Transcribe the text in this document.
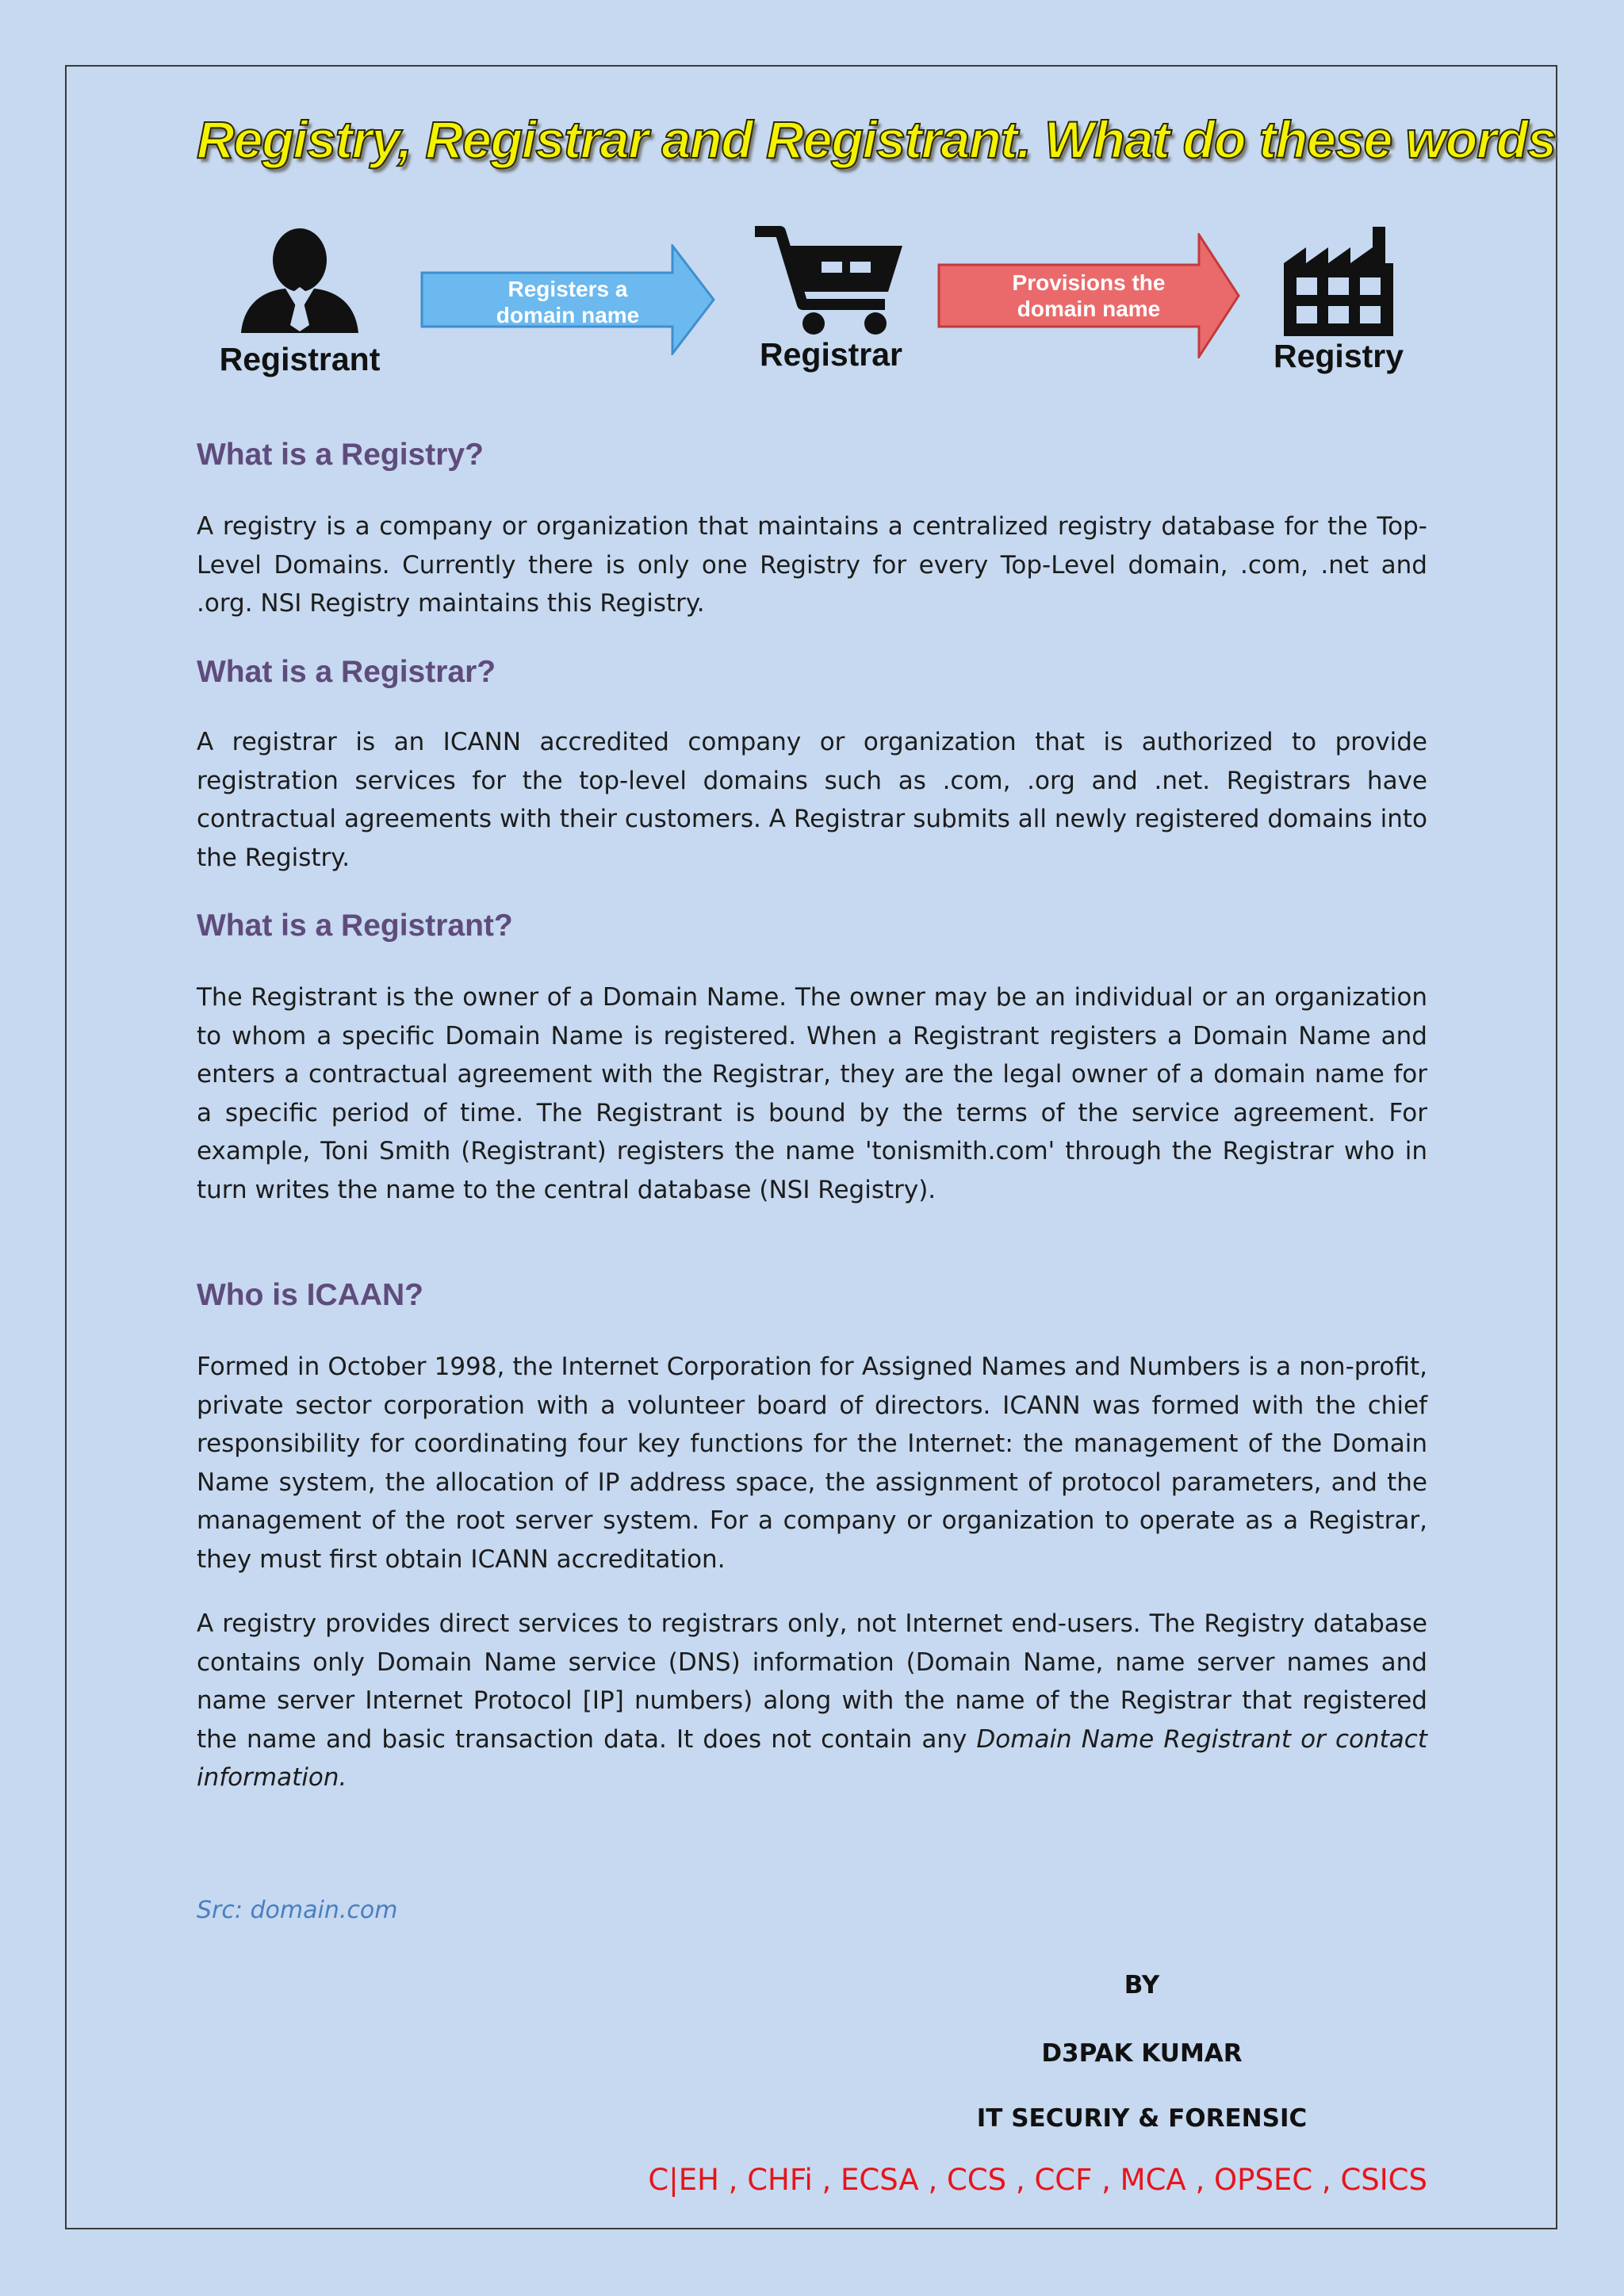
Registry, Registrar and Registrant. What do these words
Registrant
Registers a
domain name
Registrar
Provisions the
domain name
Registry
What is a Registry?

A registry is a company or organization that maintains a centralized registry database for the Top-Level Domains. Currently there is only one Registry for every Top-Level domain, .com, .net and .org. NSI Registry maintains this Registry.

What is a Registrar?

A registrar is an ICANN accredited company or organization that is authorized to provide registration services for the top-level domains such as .com, .org and .net. Registrars have contractual agreements with their customers. A Registrar submits all newly registered domains into the Registry.

What is a Registrant?

The Registrant is the owner of a Domain Name. The owner may be an individual or an organization to whom a specific Domain Name is registered. When a Registrant registers a Domain Name and enters a contractual agreement with the Registrar, they are the legal owner of a domain name for a specific period of time. The Registrant is bound by the terms of the service agreement. For example, Toni Smith (Registrant) registers the name 'tonismith.com' through the Registrar who in turn writes the name to the central database (NSI Registry).

Who is ICAAN?

Formed in October 1998, the Internet Corporation for Assigned Names and Numbers is a non-profit, private sector corporation with a volunteer board of directors. ICANN was formed with the chief responsibility for coordinating four key functions for the Internet: the management of the Domain Name system, the allocation of IP address space, the assignment of protocol parameters, and the management of the root server system. For a company or organization to operate as a Registrar, they must first obtain ICANN accreditation.

A registry provides direct services to registrars only, not Internet end-users. The Registry database contains only Domain Name service (DNS) information (Domain Name, name server names and name server Internet Protocol [IP] numbers) along with the name of the Registrar that registered the name and basic transaction data. It does not contain any Domain Name Registrant or contact information.

Src: domain.com
BY
D3PAK KUMAR
IT SECURIY & FORENSIC
C|EH , CHFi , ECSA , CCS , CCF , MCA , OPSEC , CSICS
